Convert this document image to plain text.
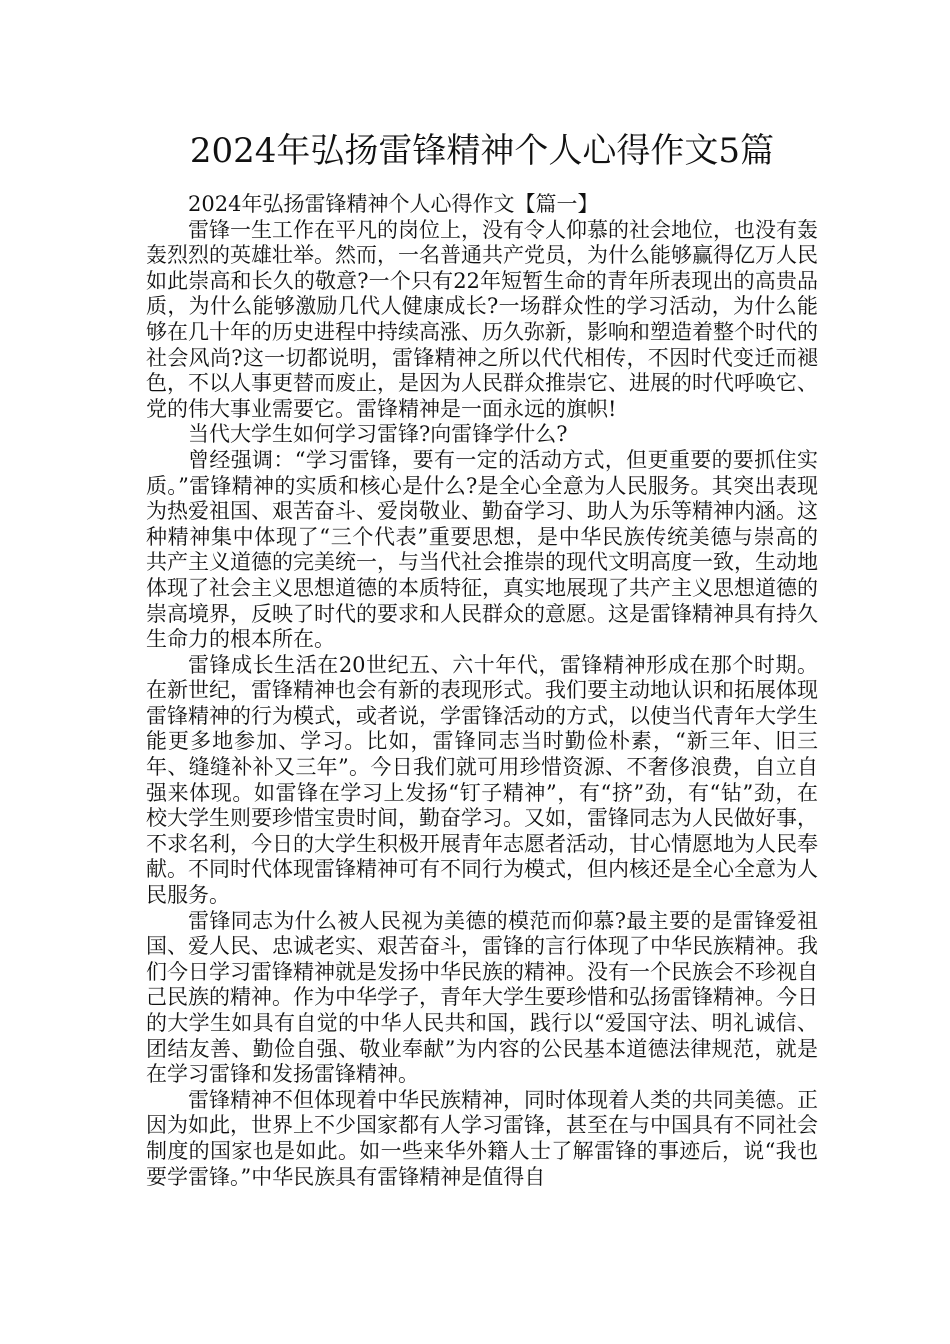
2024年弘扬雷锋精神个人心得作文5篇

2024年弘扬雷锋精神个人心得作文【篇一】

雷锋一生工作在平凡的岗位上，没有令人仰慕的社会地位，也没有轰轰烈烈的英雄壮举。然而，一名普通共产党员，为什么能够赢得亿万人民如此崇高和长久的敬意?一个只有22年短暂生命的青年所表现出的高贵品质，为什么能够激励几代人健康成长?一场群众性的学习活动，为什么能够在几十年的历史进程中持续高涨、历久弥新，影响和塑造着整个时代的社会风尚?这一切都说明，雷锋精神之所以代代相传，不因时代变迁而褪色，不以人事更替而废止，是因为人民群众推崇它、进展的时代呼唤它、党的伟大事业需要它。雷锋精神是一面永远的旗帜!

当代大学生如何学习雷锋?向雷锋学什么?

曾经强调：“学习雷锋，要有一定的活动方式，但更重要的要抓住实质。”雷锋精神的实质和核心是什么?是全心全意为人民服务。其突出表现为热爱祖国、艰苦奋斗、爱岗敬业、勤奋学习、助人为乐等精神内涵。这种精神集中体现了“三个代表”重要思想，是中华民族传统美德与崇高的共产主义道德的完美统一，与当代社会推崇的现代文明高度一致，生动地体现了社会主义思想道德的本质特征，真实地展现了共产主义思想道德的崇高境界，反映了时代的要求和人民群众的意愿。这是雷锋精神具有持久生命力的根本所在。

雷锋成长生活在20世纪五、六十年代，雷锋精神形成在那个时期。在新世纪，雷锋精神也会有新的表现形式。我们要主动地认识和拓展体现雷锋精神的行为模式，或者说，学雷锋活动的方式，以使当代青年大学生能更多地参加、学习。比如，雷锋同志当时勤俭朴素，“新三年、旧三年、缝缝补补又三年”。今日我们就可用珍惜资源、不奢侈浪费，自立自强来体现。如雷锋在学习上发扬“钉子精神”，有“挤”劲，有“钻”劲，在校大学生则要珍惜宝贵时间，勤奋学习。又如，雷锋同志为人民做好事，不求名利，今日的大学生积极开展青年志愿者活动，甘心情愿地为人民奉献。不同时代体现雷锋精神可有不同行为模式，但内核还是全心全意为人民服务。

雷锋同志为什么被人民视为美德的模范而仰慕?最主要的是雷锋爱祖国、爱人民、忠诚老实、艰苦奋斗，雷锋的言行体现了中华民族精神。我们今日学习雷锋精神就是发扬中华民族的精神。没有一个民族会不珍视自己民族的精神。作为中华学子，青年大学生要珍惜和弘扬雷锋精神。今日的大学生如具有自觉的中华人民共和国，践行以“爱国守法、明礼诚信、团结友善、勤俭自强、敬业奉献”为内容的公民基本道德法律规范，就是在学习雷锋和发扬雷锋精神。

雷锋精神不但体现着中华民族精神，同时体现着人类的共同美德。正因为如此，世界上不少国家都有人学习雷锋，甚至在与中国具有不同社会制度的国家也是如此。如一些来华外籍人士了解雷锋的事迹后，说“我也要学雷锋。”中华民族具有雷锋精神是值得自
